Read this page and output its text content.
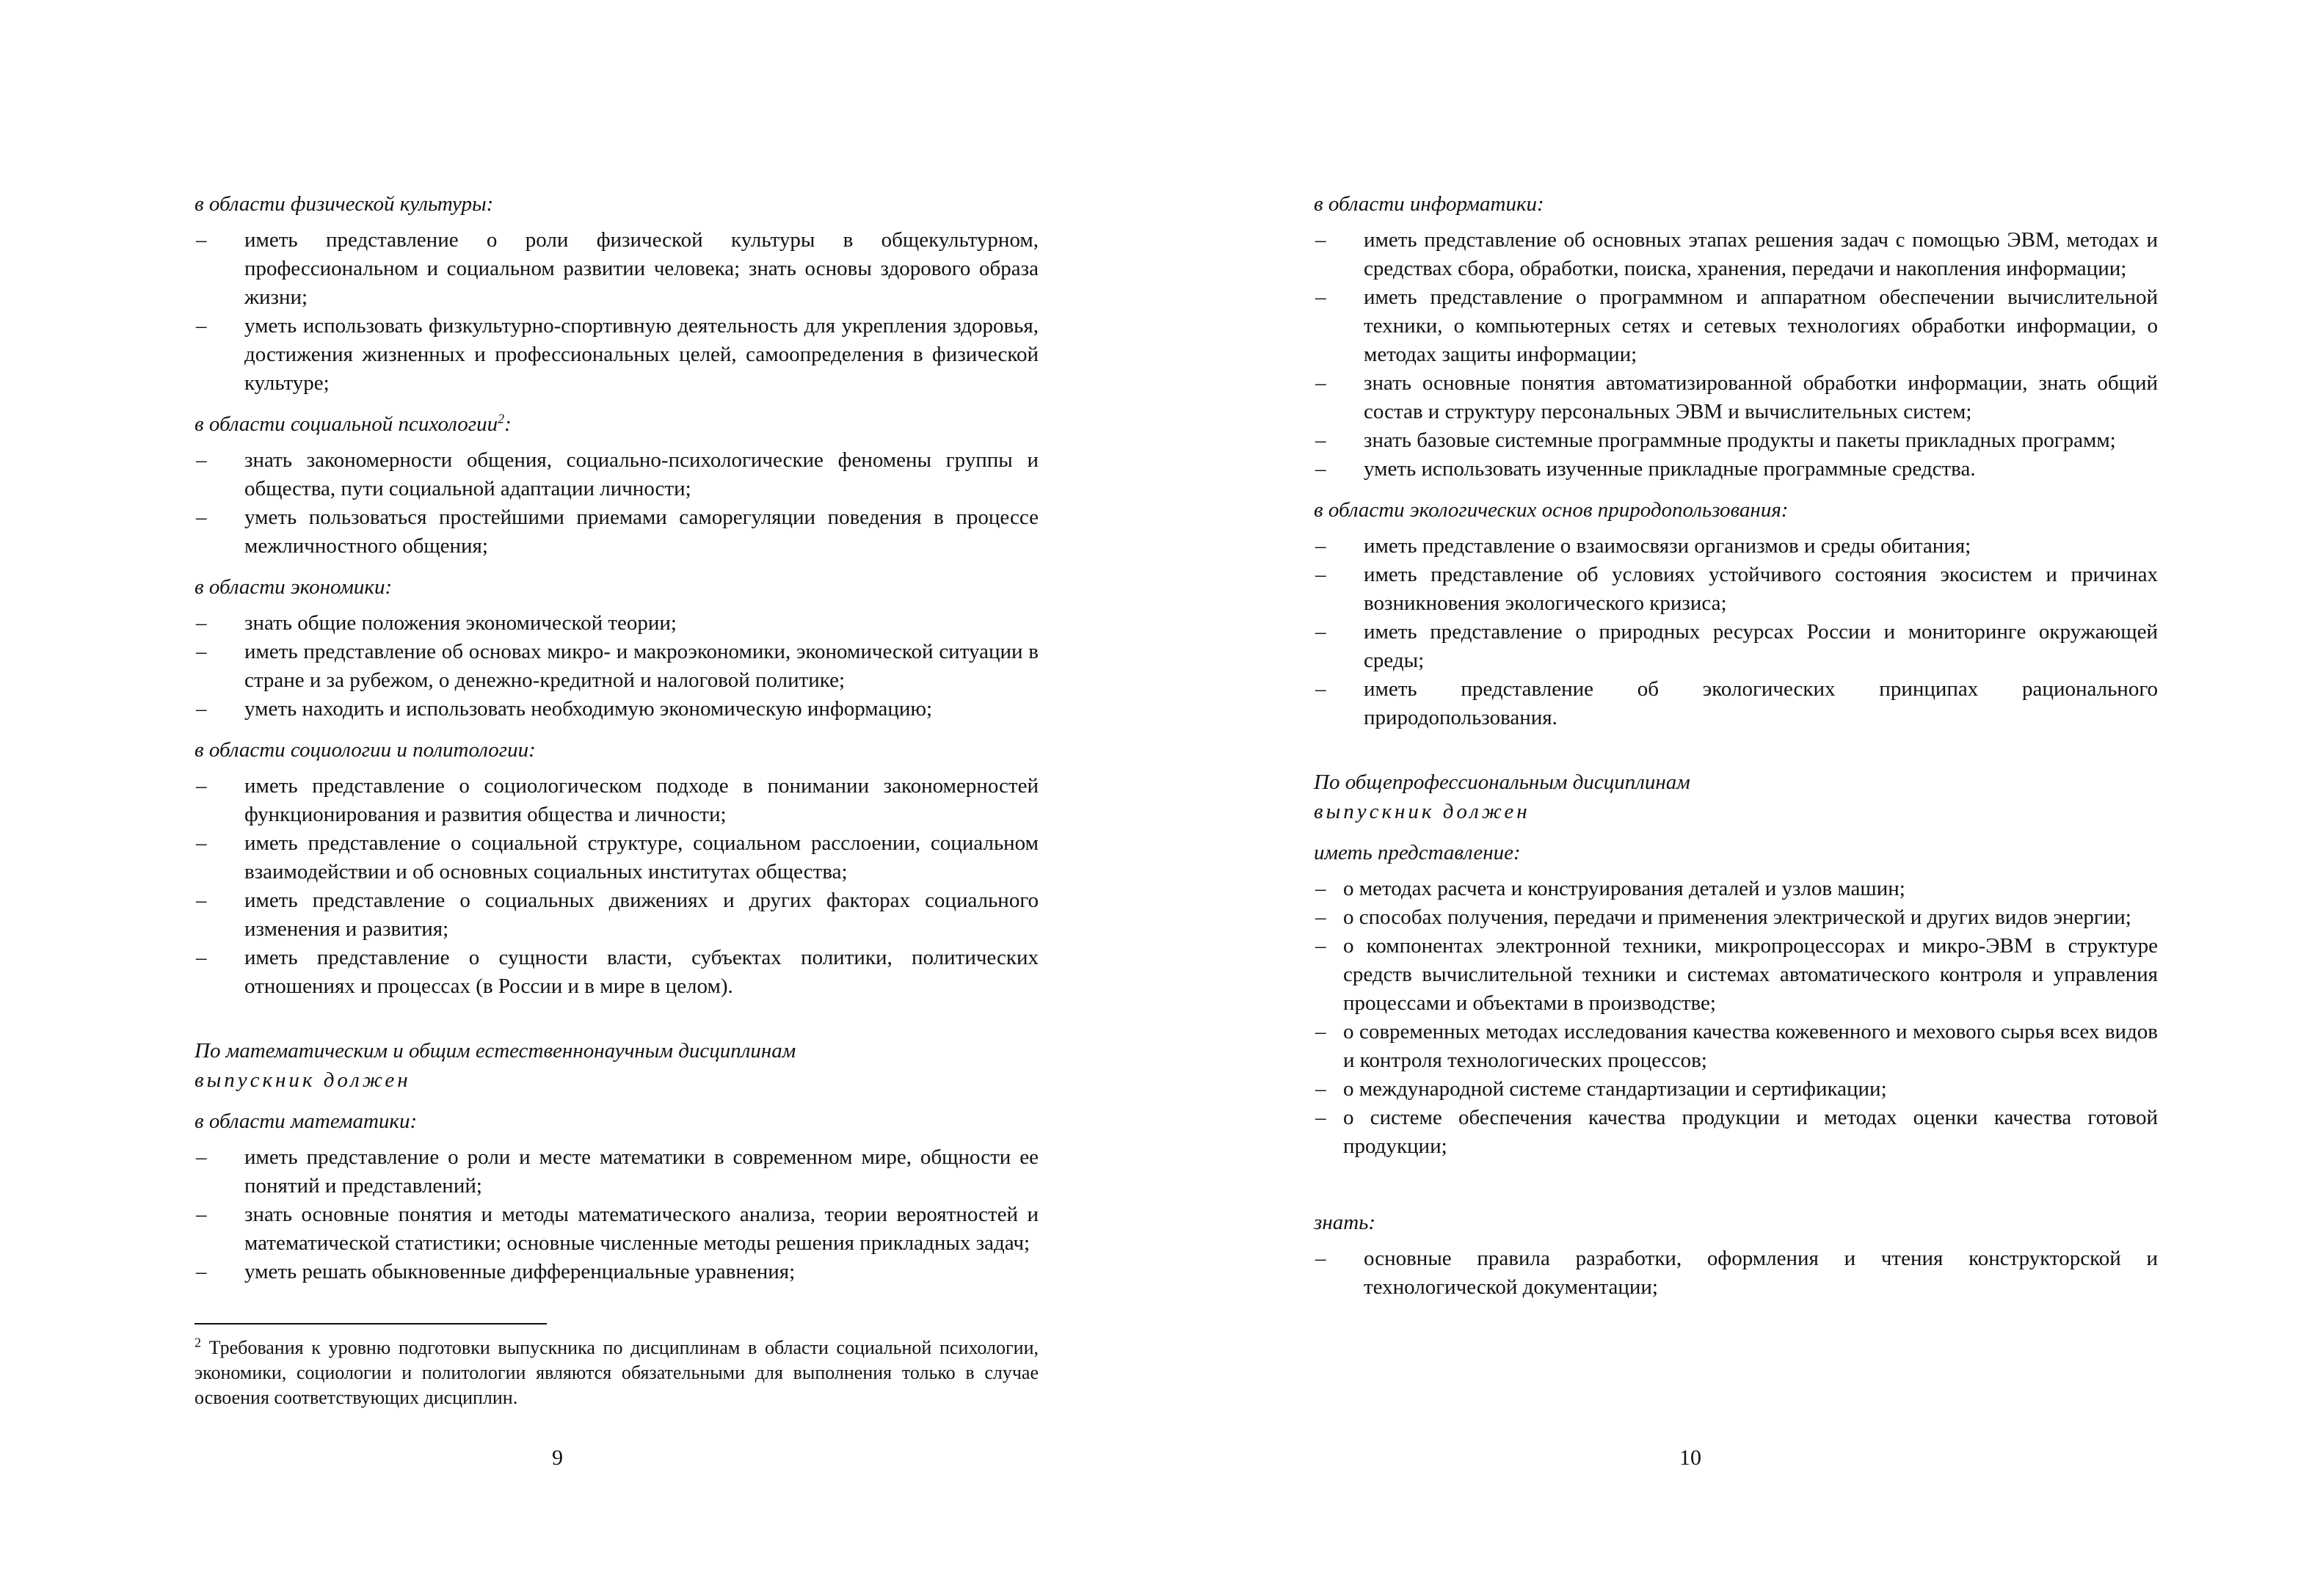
в области физической культуры:
– иметь представление о роли физической культуры в общекультурном, профессиональном и социальном развитии человека; знать основы здорового образа жизни;
– уметь использовать физкультурно-спортивную деятельность для укрепления здоровья, достижения жизненных и профессиональных целей, самоопределения в физической культуре;
в области социальной психологии$^2$:
– знать закономерности общения, социально-психологические феномены группы и общества, пути социальной адаптации личности;
– уметь пользоваться простейшими приемами саморегуляции поведения в процессе межличностного общения;
в области экономики:
– знать общие положения экономической теории;
– иметь представление об основах микро- и макроэкономики, экономической ситуации в стране и за рубежом, о денежно-кредитной и налоговой политике;
– уметь находить и использовать необходимую экономическую информацию;
в области социологии и политологии:
– иметь представление о социологическом подходе в понимании закономерностей функционирования и развития общества и личности;
– иметь представление о социальной структуре, социальном расслоении, социальном взаимодействии и об основных социальных институтах общества;
– иметь представление о социальных движениях и других факторах социального изменения и развития;
– иметь представление о сущности власти, субъектах политики, политических отношениях и процессах (в России и в мире в целом).
По математическим и общим естественнонаучным дисциплинам
выпускник должен
в области математики:
– иметь представление о роли и месте математики в современном мире, общности ее понятий и представлений;
– знать основные понятия и методы математического анализа, теории вероятностей и математической статистики; основные численные методы решения прикладных задач;
– уметь решать обыкновенные дифференциальные уравнения;
$^2$ Требования к уровню подготовки выпускника по дисциплинам в области социальной психологии, экономики, социологии и политологии являются обязательными для выполнения только в случае освоения соответствующих дисциплин.
9
в области информатики:
– иметь представление об основных этапах решения задач с помощью ЭВМ, методах и средствах сбора, обработки, поиска, хранения, передачи и накопления информации;
– иметь представление о программном и аппаратном обеспечении вычислительной техники, о компьютерных сетях и сетевых технологиях обработки информации, о методах защиты информации;
– знать основные понятия автоматизированной обработки информации, знать общий состав и структуру персональных ЭВМ и вычислительных систем;
– знать базовые системные программные продукты и пакеты прикладных программ;
– уметь использовать изученные прикладные программные средства.
в области экологических основ природопользования:
– иметь представление о взаимосвязи организмов и среды обитания;
– иметь представление об условиях устойчивого состояния экосистем и причинах возникновения экологического кризиса;
– иметь представление о природных ресурсах России и мониторинге окружающей среды;
– иметь представление об экологических принципах рационального природопользования.
По общепрофессиональным дисциплинам
выпускник должен
иметь представление:
– о методах расчета и конструирования деталей и узлов машин;
– о способах получения, передачи и применения электрической и других видов энергии;
– о компонентах электронной техники, микропроцессорах и микро-ЭВМ в структуре средств вычислительной техники и системах автоматического контроля и управления процессами и объектами в производстве;
– о современных методах исследования качества кожевенного и мехового сырья всех видов и контроля технологических процессов;
– о международной системе стандартизации и сертификации;
– о системе обеспечения качества продукции и методах оценки качества готовой продукции;
знать:
– основные правила разработки, оформления и чтения конструкторской и технологической документации;
10
